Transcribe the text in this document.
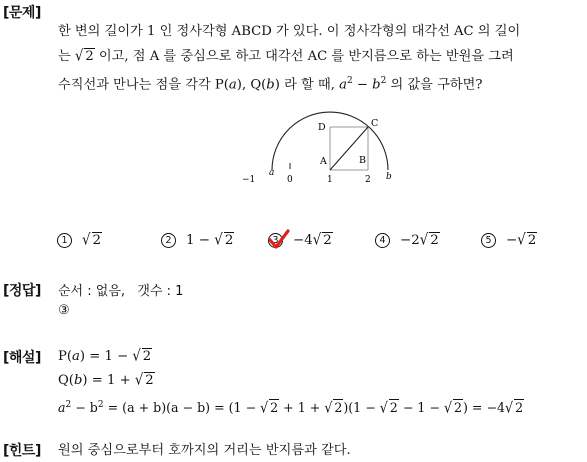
[문제]
한 변의 길이가 1 인 정사각형 ABCD 가 있다. 이 정사각형의 대각선 AC 의 길이
는 √ 2 이고, 점 A 를 중심으로 하고 대각선 AC 를 반지름으로 하는 반원을 그려
수직선과 만나는 점을 각각 P(a), Q(b) 라 할 때, $a^2 - b^2$ 의 값을 구하면?
D	C
A	B
−1
a
0	1	2 b
1 √ 2	2 1 − √ 2	3 −4√ 2	4 −2√ 2	5 −√ 2
[정답] 순서 : 없음, 갯수 : 1
③
[해설] P(a) = 1 − √ 2
Q(b) = 1 + √ 2
$a^2 - b^2 = (a + b)(a - b) = (1$ − √ 2 + 1 + √ 2)(1 − √ 2 − 1 − √ 2) = −4√ 2
[힌트] 원의 중심으로부터 호까지의 거리는 반지름과 같다.
